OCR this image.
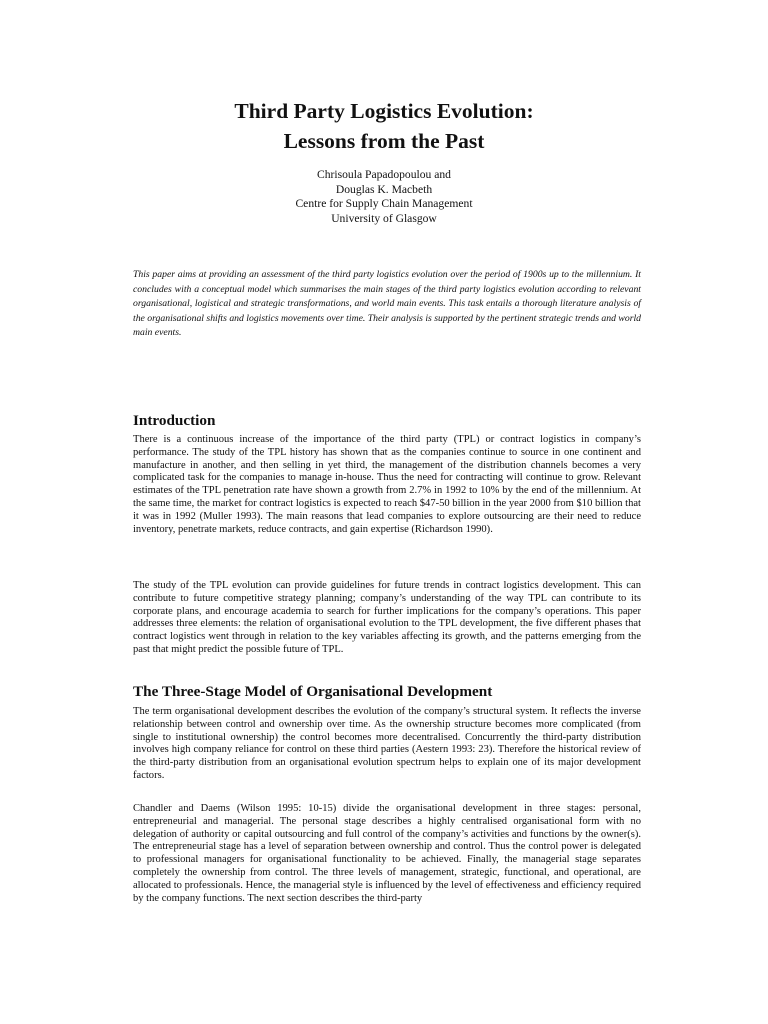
Third Party Logistics Evolution:
Lessons from the Past
Chrisoula Papadopoulou and
Douglas K. Macbeth
Centre for Supply Chain Management
University of Glasgow

This paper aims at providing an assessment of the third party logistics evolution over the period of 1900s up to the millennium. It concludes with a conceptual model which summarises the main stages of the third party logistics evolution according to relevant organisational, logistical and strategic transformations, and world main events. This task entails a thorough literature analysis of the organisational shifts and logistics movements over time. Their analysis is supported by the pertinent strategic trends and world main events.

Introduction

There is a continuous increase of the importance of the third party (TPL) or contract logistics in company’s performance. The study of the TPL history has shown that as the companies continue to source in one continent and manufacture in another, and then selling in yet third, the management of the distribution channels becomes a very complicated task for the companies to manage in-house. Thus the need for contracting will continue to grow. Relevant estimates of the TPL penetration rate have shown a growth from 2.7% in 1992 to 10% by the end of the millennium. At the same time, the market for contract logistics is expected to reach $47-50 billion in the year 2000 from $10 billion that it was in 1992 (Muller 1993). The main reasons that lead companies to explore outsourcing are their need to reduce inventory, penetrate markets, reduce contracts, and gain expertise (Richardson 1990).

The study of the TPL evolution can provide guidelines for future trends in contract logistics development. This can contribute to future competitive strategy planning; company’s understanding of the way TPL can contribute to its corporate plans, and encourage academia to search for further implications for the company’s operations. This paper addresses three elements: the relation of organisational evolution to the TPL development, the five different phases that contract logistics went through in relation to the key variables affecting its growth, and the patterns emerging from the past that might predict the possible future of TPL.

The Three-Stage Model of Organisational Development

The term organisational development describes the evolution of the company’s structural system. It reflects the inverse relationship between control and ownership over time. As the ownership structure becomes more complicated (from single to institutional ownership) the control becomes more decentralised. Concurrently the third-party distribution involves high company reliance for control on these third parties (Aestern 1993: 23). Therefore the historical review of the third-party distribution from an organisational evolution spectrum helps to explain one of its major development factors.

Chandler and Daems (Wilson 1995: 10-15) divide the organisational development in three stages: personal, entrepreneurial and managerial. The personal stage describes a highly centralised organisational form with no delegation of authority or capital outsourcing and full control of the company’s activities and functions by the owner(s). The entrepreneurial stage has a level of separation between ownership and control. Thus the control power is delegated to professional managers for organisational functionality to be achieved. Finally, the managerial stage separates completely the ownership from control. The three levels of management, strategic, functional, and operational, are allocated to professionals. Hence, the managerial style is influenced by the level of effectiveness and efficiency required by the company functions. The next section describes the third-party
